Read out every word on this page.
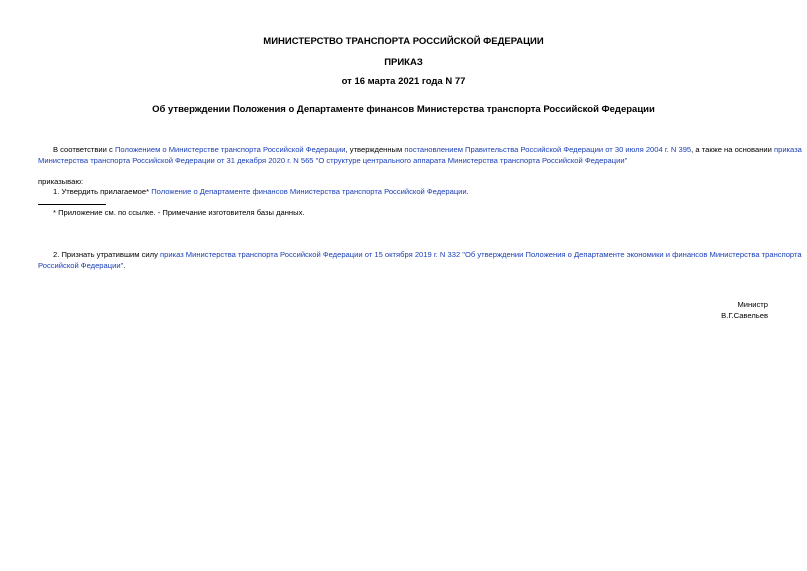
МИНИСТЕРСТВО ТРАНСПОРТА РОССИЙСКОЙ ФЕДЕРАЦИИ
ПРИКАЗ
от 16 марта 2021 года N 77
Об утверждении Положения о Департаменте финансов Министерства транспорта Российской Федерации
В соответствии с Положением о Министерстве транспорта Российской Федерации, утвержденным постановлением Правительства Российской Федерации от 30 июля 2004 г. N 395, а также на основании приказа
Министерства транспорта Российской Федерации от 31 декабря 2020 г. N 565 "О структуре центрального аппарата Министерства транспорта Российской Федерации"
приказываю:
1. Утвердить прилагаемое* Положение о Департаменте финансов Министерства транспорта Российской Федерации.
* Приложение см. по ссылке. - Примечание изготовителя базы данных.
2. Признать утратившим силу приказ Министерства транспорта Российской Федерации от 15 октября 2019 г. N 332 "Об утверждении Положения о Департаменте экономики и финансов Министерства транспорта
Российской Федерации".
Министр
В.Г.Савельев
